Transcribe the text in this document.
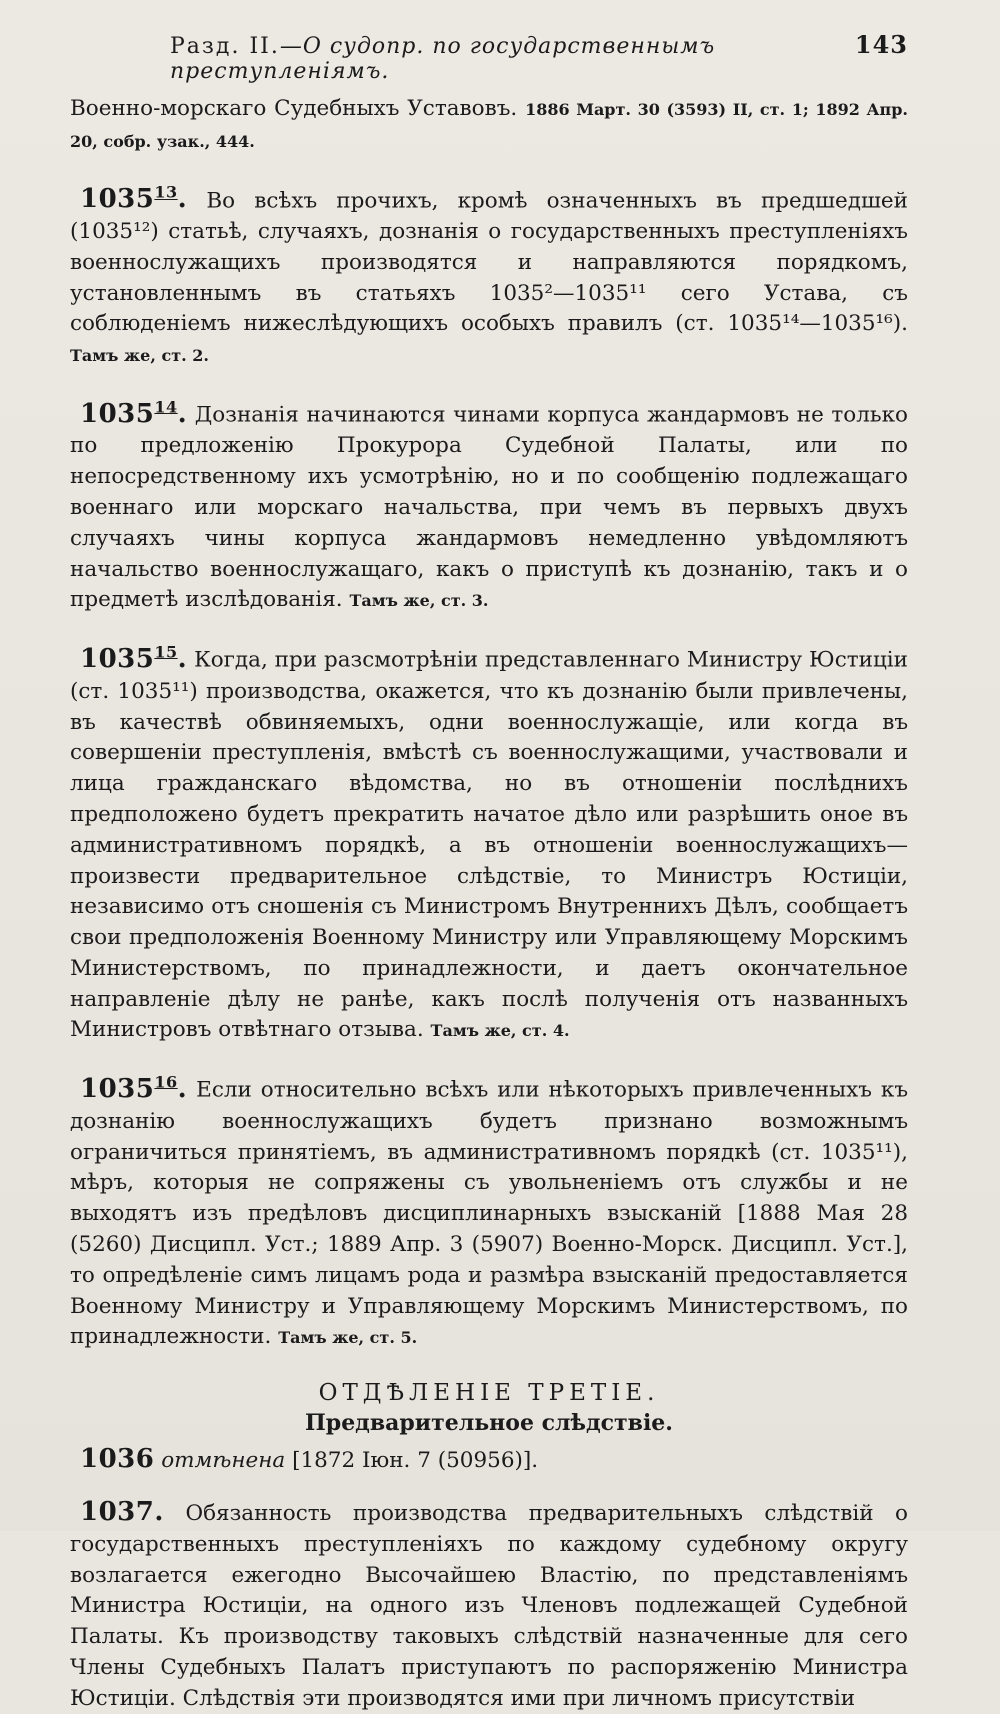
Разд. II.—О судопр. по государственнымъ преступленіямъ.
143

Военно-морскаго Судебныхъ Уставовъ. 1886 Март. 30 (3593) II, ст. 1; 1892 Апр. 20, собр. узак., 444.

1035$^{13}$. Во всѣхъ прочихъ, кромѣ означенныхъ въ предшедшей (1035¹²) статьѣ, случаяхъ, дознанія о государственныхъ преступленіяхъ военнослужащихъ производятся и направляются порядкомъ, установленнымъ въ статьяхъ 1035²—1035¹¹ сего Устава, съ соблюденіемъ нижеслѣдующихъ особыхъ правилъ (ст. 1035¹⁴—1035¹⁶). Тамъ же, ст. 2.

1035$^{14}$. Дознанія начинаются чинами корпуса жандармовъ не только по предложенію Прокурора Судебной Палаты, или по непосредственному ихъ усмотрѣнію, но и по сообщенію подлежащаго военнаго или морскаго начальства, при чемъ въ первыхъ двухъ случаяхъ чины корпуса жандармовъ немедленно увѣдомляютъ начальство военнослужащаго, какъ о приступѣ къ дознанію, такъ и о предметѣ изслѣдованія. Тамъ же, ст. 3.

1035$^{15}$. Когда, при разсмотрѣніи представленнаго Министру Юстиціи (ст. 1035¹¹) производства, окажется, что къ дознанію были привлечены, въ качествѣ обвиняемыхъ, одни военнослужащіе, или когда въ совершеніи преступленія, вмѣстѣ съ военнослужащими, участвовали и лица гражданскаго вѣдомства, но въ отношеніи послѣднихъ предположено будетъ прекратить начатое дѣло или разрѣшить оное въ административномъ порядкѣ, а въ отношеніи военнослужащихъ—произвести предварительное слѣдствіе, то Министръ Юстиціи, независимо отъ сношенія съ Министромъ Внутреннихъ Дѣлъ, сообщаетъ свои предположенія Военному Министру или Управляющему Морскимъ Министерствомъ, по принадлежности, и даетъ окончательное направленіе дѣлу не ранѣе, какъ послѣ полученія отъ названныхъ Министровъ отвѣтнаго отзыва. Тамъ же, ст. 4.

1035$^{16}$. Если относительно всѣхъ или нѣкоторыхъ привлеченныхъ къ дознанію военнослужащихъ будетъ признано возможнымъ ограничиться принятіемъ, въ административномъ порядкѣ (ст. 1035¹¹), мѣръ, которыя не сопряжены съ увольненіемъ отъ службы и не выходятъ изъ предѣловъ дисциплинарныхъ взысканій [1888 Мая 28 (5260) Дисципл. Уст.; 1889 Апр. 3 (5907) Военно-Морск. Дисципл. Уст.], то опредѣленіе симъ лицамъ рода и размѣра взысканій предоставляется Военному Министру и Управляющему Морскимъ Министерствомъ, по принадлежности. Тамъ же, ст. 5.

ОТДѢЛЕНІЕ ТРЕТІЕ.
Предварительное слѣдствіе.

1036 отмѣнена [1872 Іюн. 7 (50956)].

1037. Обязанность производства предварительныхъ слѣдствій о государственныхъ преступленіяхъ по каждому судебному округу возлагается ежегодно Высочайшею Властію, по представленіямъ Министра Юстиціи, на одного изъ Членовъ подлежащей Судебной Палаты. Къ производству таковыхъ слѣдствій назначенные для сего Члены Судебныхъ Палатъ приступаютъ по распоряженію Министра Юстиціи. Слѣдствія эти производятся ими при личномъ присутствіи
